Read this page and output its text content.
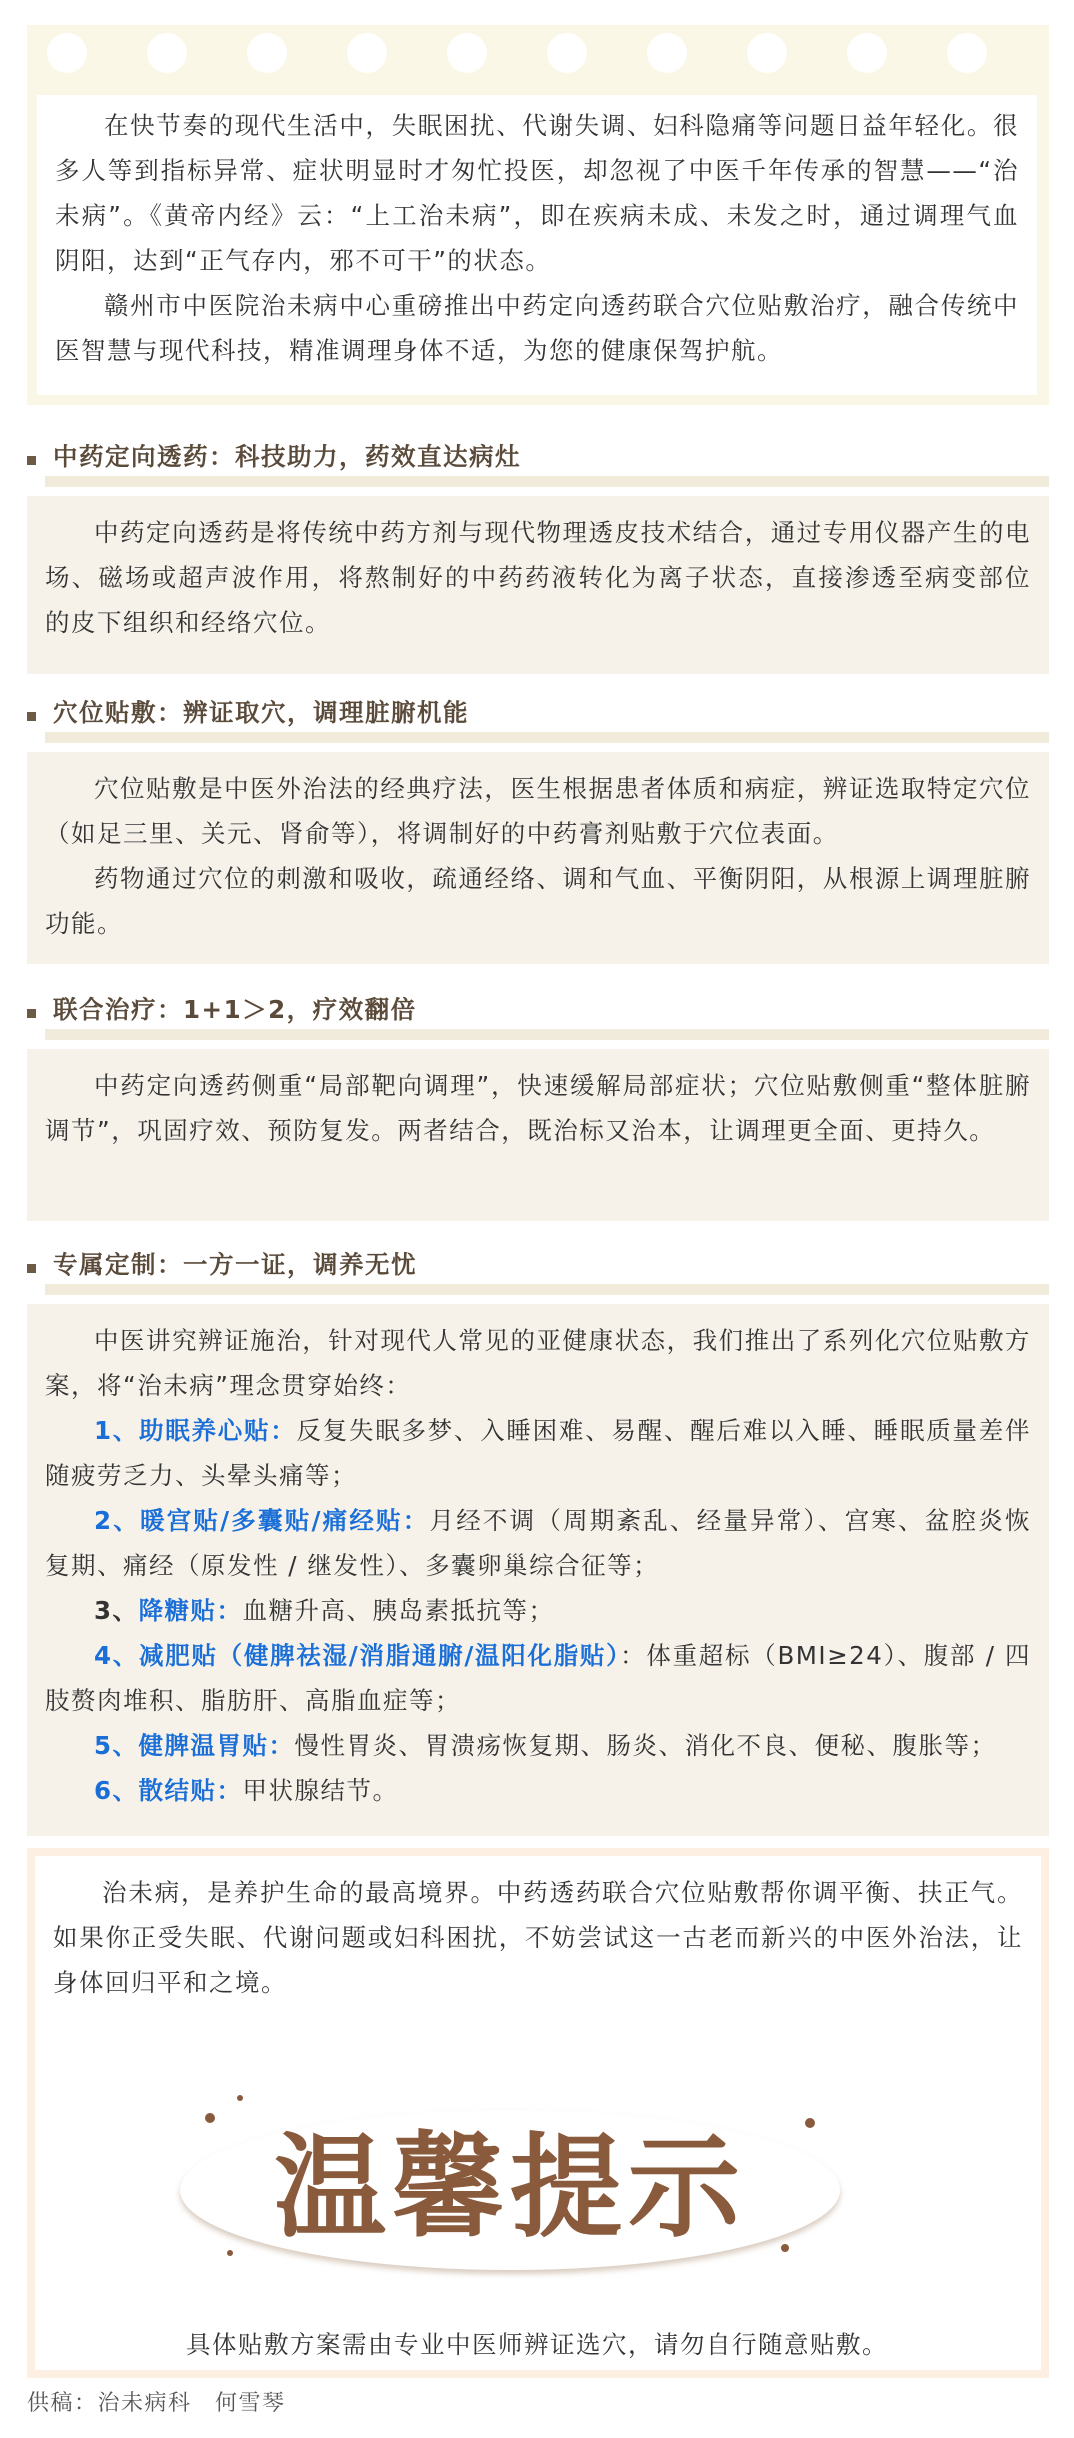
在快节奏的现代生活中，失眠困扰、代谢失调、妇科隐痛等问题日益年轻化。很多人等到指标异常、症状明显时才匆忙投医，却忽视了中医千年传承的智慧——“治未病”。《黄帝内经》云：“上工治未病”，即在疾病未成、未发之时，通过调理气血阴阳，达到“正气存内，邪不可干”的状态。

赣州市中医院治未病中心重磅推出中药定向透药联合穴位贴敷治疗，融合传统中医智慧与现代科技，精准调理身体不适，为您的健康保驾护航。

中药定向透药：科技助力，药效直达病灶

中药定向透药是将传统中药方剂与现代物理透皮技术结合，通过专用仪器产生的电场、磁场或超声波作用，将熬制好的中药药液转化为离子状态，直接渗透至病变部位的皮下组织和经络穴位。

穴位贴敷：辨证取穴，调理脏腑机能

穴位贴敷是中医外治法的经典疗法，医生根据患者体质和病症，辨证选取特定穴位（如足三里、关元、肾俞等），将调制好的中药膏剂贴敷于穴位表面。

药物通过穴位的刺激和吸收，疏通经络、调和气血、平衡阴阳，从根源上调理脏腑功能。

联合治疗：1+1＞2，疗效翻倍

中药定向透药侧重“局部靶向调理”，快速缓解局部症状；穴位贴敷侧重“整体脏腑调节”，巩固疗效、预防复发。两者结合，既治标又治本，让调理更全面、更持久。

专属定制：一方一证，调养无忧

中医讲究辨证施治，针对现代人常见的亚健康状态，我们推出了系列化穴位贴敷方案，将“治未病”理念贯穿始终：

1、助眠养心贴：反复失眠多梦、入睡困难、易醒、醒后难以入睡、睡眠质量差伴随疲劳乏力、头晕头痛等；

2、暖宫贴/多囊贴/痛经贴：月经不调（周期紊乱、经量异常）、宫寒、盆腔炎恢复期、痛经（原发性 / 继发性）、多囊卵巢综合征等；

3、降糖贴：血糖升高、胰岛素抵抗等；

4、减肥贴（健脾祛湿/消脂通腑/温阳化脂贴）：体重超标（BMI≥24）、腹部 / 四肢赘肉堆积、脂肪肝、高脂血症等；

5、健脾温胃贴：慢性胃炎、胃溃疡恢复期、肠炎、消化不良、便秘、腹胀等；

6、散结贴：甲状腺结节。

治未病，是养护生命的最高境界。中药透药联合穴位贴敷帮你调平衡、扶正气。如果你正受失眠、代谢问题或妇科困扰，不妨尝试这一古老而新兴的中医外治法，让身体回归平和之境。

温馨提示
具体贴敷方案需由专业中医师辨证选穴，请勿自行随意贴敷。
供稿：治未病科　何雪琴
